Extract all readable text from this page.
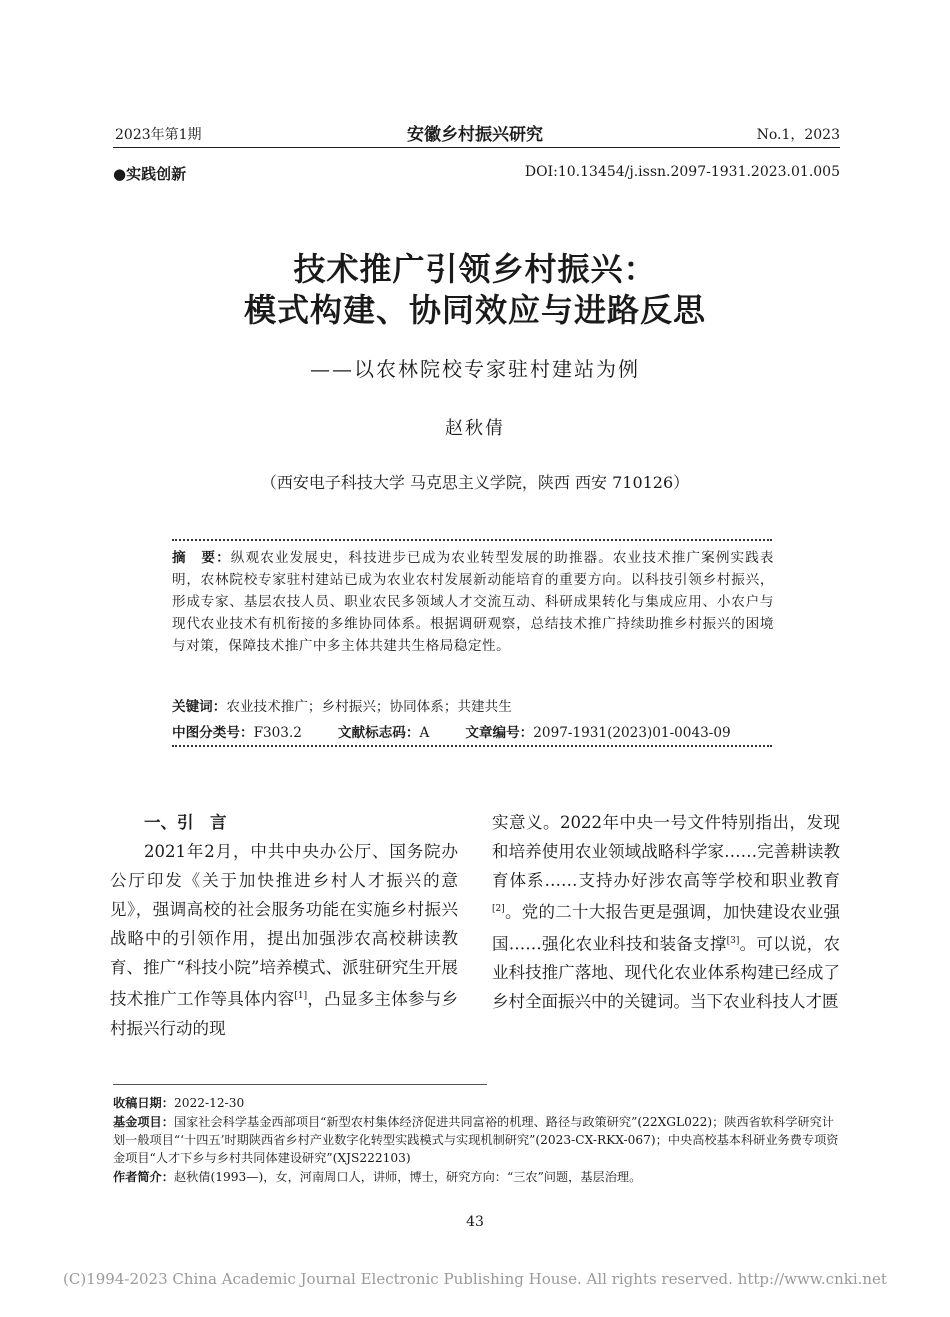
2023年第1期	安徽乡村振兴研究	No.1，2023
●实践创新	DOI:10.13454/j.issn.2097-1931.2023.01.005
技术推广引领乡村振兴：
模式构建、协同效应与进路反思
——以农林院校专家驻村建站为例
赵秋倩
（西安电子科技大学 马克思主义学院，陕西 西安 710126）
摘　要：纵观农业发展史，科技进步已成为农业转型发展的助推器。农业技术推广案例实践表明，农林院校专家驻村建站已成为农业农村发展新动能培育的重要方向。以科技引领乡村振兴，形成专家、基层农技人员、职业农民多领域人才交流互动、科研成果转化与集成应用、小农户与现代农业技术有机衔接的多维协同体系。根据调研观察，总结技术推广持续助推乡村振兴的困境与对策，保障技术推广中多主体共建共生格局稳定性。
关键词：农业技术推广；乡村振兴；协同体系；共建共生
中图分类号：F303.2	文献标志码：A	文章编号：2097-1931(2023)01-0043-09
一、引　言
2021年2月，中共中央办公厅、国务院办公厅印发《关于加快推进乡村人才振兴的意见》，强调高校的社会服务功能在实施乡村振兴战略中的引领作用，提出加强涉农高校耕读教育、推广“科技小院”培养模式、派驻研究生开展技术推广工作等具体内容[1]，凸显多主体参与乡村振兴行动的现
实意义。2022年中央一号文件特别指出，发现和培养使用农业领域战略科学家……完善耕读教育体系……支持办好涉农高等学校和职业教育[2]。党的二十大报告更是强调，加快建设农业强国……强化农业科技和装备支撑[3]。可以说，农业科技推广落地、现代化农业体系构建已经成了乡村全面振兴中的关键词。当下农业科技人才匮
收稿日期：2022-12-30
基金项目：国家社会科学基金西部项目“新型农村集体经济促进共同富裕的机理、路径与政策研究”(22XGL022)；陕西省软科学研究计划一般项目“‘十四五’时期陕西省乡村产业数字化转型实践模式与实现机制研究”(2023-CX-RKX-067)；中央高校基本科研业务费专项资金项目“人才下乡与乡村共同体建设研究”(XJS222103)
作者简介：赵秋倩(1993—)，女，河南周口人，讲师，博士，研究方向：“三农”问题，基层治理。
43
(C)1994-2023 China Academic Journal Electronic Publishing House. All rights reserved. http://www.cnki.net
